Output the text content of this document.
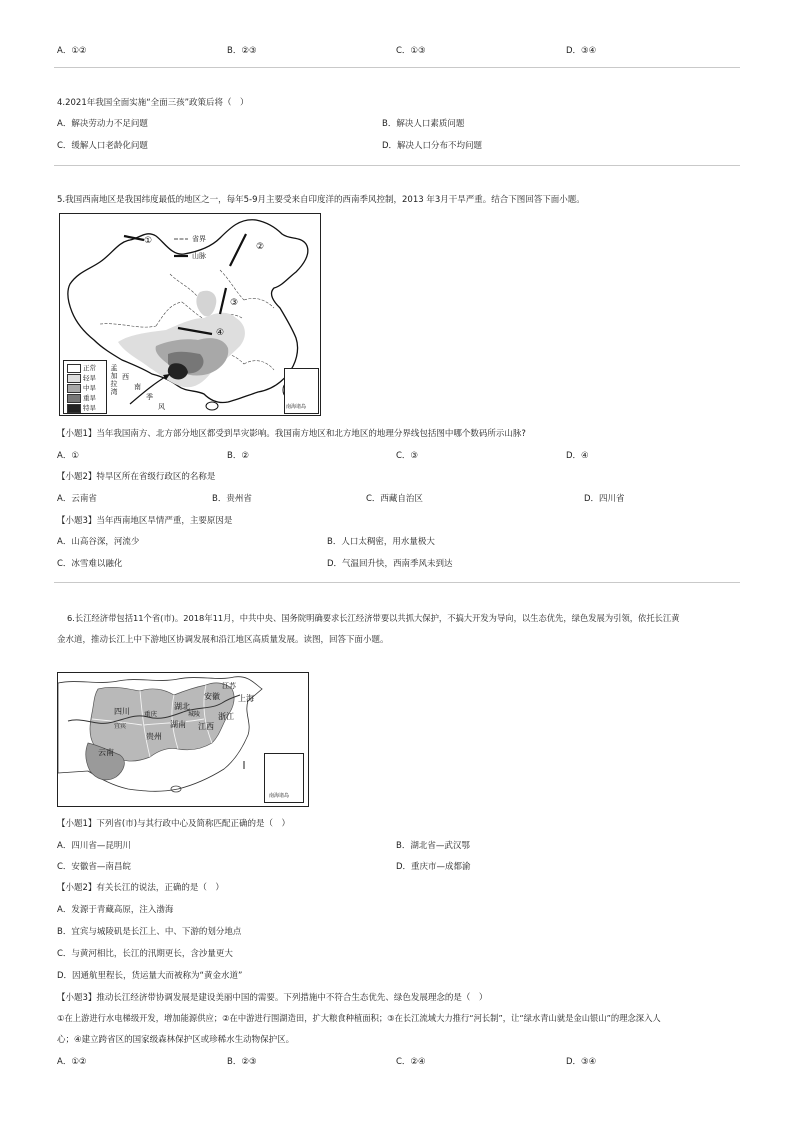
A．①②	B．②③	C．①③	D．③④
4.2021年我国全面实施“全面三孩”政策后将（　）
A．解决劳动力不足问题	B．解决人口素质问题
C．缓解人口老龄化问题	D．解决人口分布不均问题
5.我国西南地区是我国纬度最低的地区之一，每年5-9月主要受来自印度洋的西南季风控制，2013 年3月干旱严重。结合下图回答下面小题。
省界
山脉
①
②
③
④
正常
轻旱
中旱
重旱
特旱
孟
加
拉
湾
西
南
季
风	南海诸岛
【小题1】当年我国南方、北方部分地区都受到旱灾影响。我国南方地区和北方地区的地理分界线包括图中哪个数码所示山脉?
A．①	B．②	C．③	D．④
【小题2】特旱区所在省级行政区的名称是
A．云南省	B．贵州省	C．西藏自治区	D．四川省
【小题3】当年西南地区旱情严重，主要原因是
A．山高谷深，河流少	B．人口太稠密，用水量极大
C．冰雪难以融化	D．气温回升快，西南季风未到达
6.长江经济带包括11个省(市)。2018年11月，中共中央、国务院明确要求长江经济带要以共抓大保护，不搞大开发为导向，以生态优先，绿色发展为引领，依托长江黄
金水道，推动长江上中下游地区协调发展和沿江地区高质量发展。读图，回答下面小题。
四川
云南
贵州
湖南
湖北
江西
安徽
浙江
上海
江苏
重庆
宜宾
城陵
南海诸岛
【小题1】下列省(市)与其行政中心及简称匹配正确的是（　）
A．四川省—昆明川	B．湖北省—武汉鄂
C．安徽省—南昌皖	D．重庆市—成都渝
【小题2】有关长江的说法，正确的是（　）
A．发源于青藏高原，注入渤海
B．宜宾与城陵矶是长江上、中、下游的划分地点
C．与黄河相比，长江的汛期更长，含沙量更大
D．因通航里程长，货运量大而被称为“黄金水道”
【小题3】推动长江经济带协调发展是建设美丽中国的需要。下列措施中不符合生态优先、绿色发展理念的是（　）
①在上游进行水电梯级开发，增加能源供应；②在中游进行围湖造田，扩大粮食种植面积；③在长江流域大力推行“河长制”，让“绿水青山就是金山银山”的理念深入人
心；④建立跨省区的国家级森林保护区或珍稀水生动物保护区。
A．①②	B．②③	C．②④	D．③④
